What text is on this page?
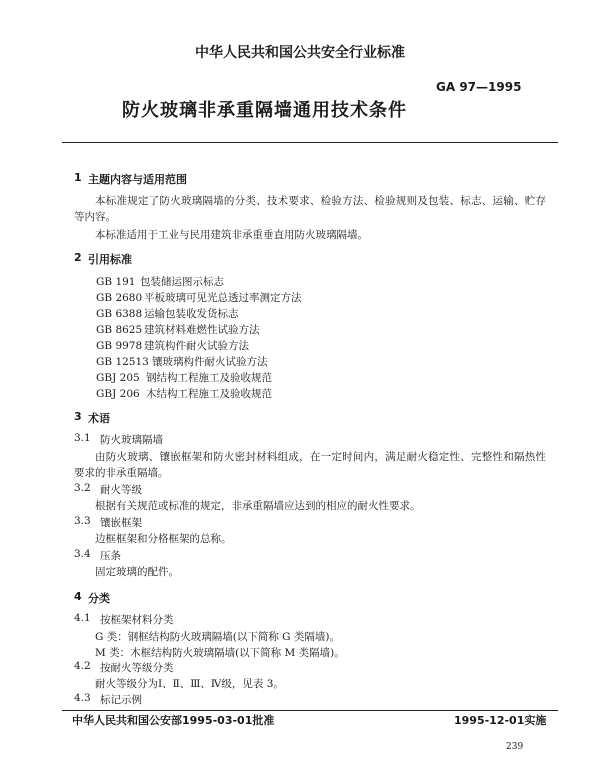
中华人民共和国公共安全行业标准
GA 97—1995
防火玻璃非承重隔墙通用技术条件
1 主题内容与适用范围
本标准规定了防火玻璃隔墙的分类、技术要求、检验方法、检验规则及包装、标志、运输、贮存等内容。
本标准适用于工业与民用建筑非承重垂直用防火玻璃隔墙。
2 引用标准
GB 191 包装储运图示标志
GB 2680 平板玻璃可见光总透过率测定方法
GB 6388 运输包装收发货标志
GB 8625 建筑材料难燃性试验方法
GB 9978 建筑构件耐火试验方法
GB 12513 镶玻璃构件耐火试验方法
GBJ 205 钢结构工程施工及验收规范
GBJ 206 木结构工程施工及验收规范
3 术语
3.1 防火玻璃隔墙
由防火玻璃、镶嵌框架和防火密封材料组成，在一定时间内，满足耐火稳定性、完整性和隔热性要求的非承重隔墙。
3.2 耐火等级
根据有关规范或标准的规定，非承重隔墙应达到的相应的耐火性要求。
3.3 镶嵌框架
边框框架和分格框架的总称。
3.4 压条
固定玻璃的配件。
4 分类
4.1 按框架材料分类
G 类：钢框结构防火玻璃隔墙(以下简称 G 类隔墙)。
M 类：木框结构防火玻璃隔墙(以下简称 M 类隔墙)。
4.2 按耐火等级分类
耐火等级分为Ⅰ、Ⅱ、Ⅲ、Ⅳ级，见表 3。
4.3 标记示例
中华人民共和国公安部1995-03-01批准	1995-12-01实施
239
